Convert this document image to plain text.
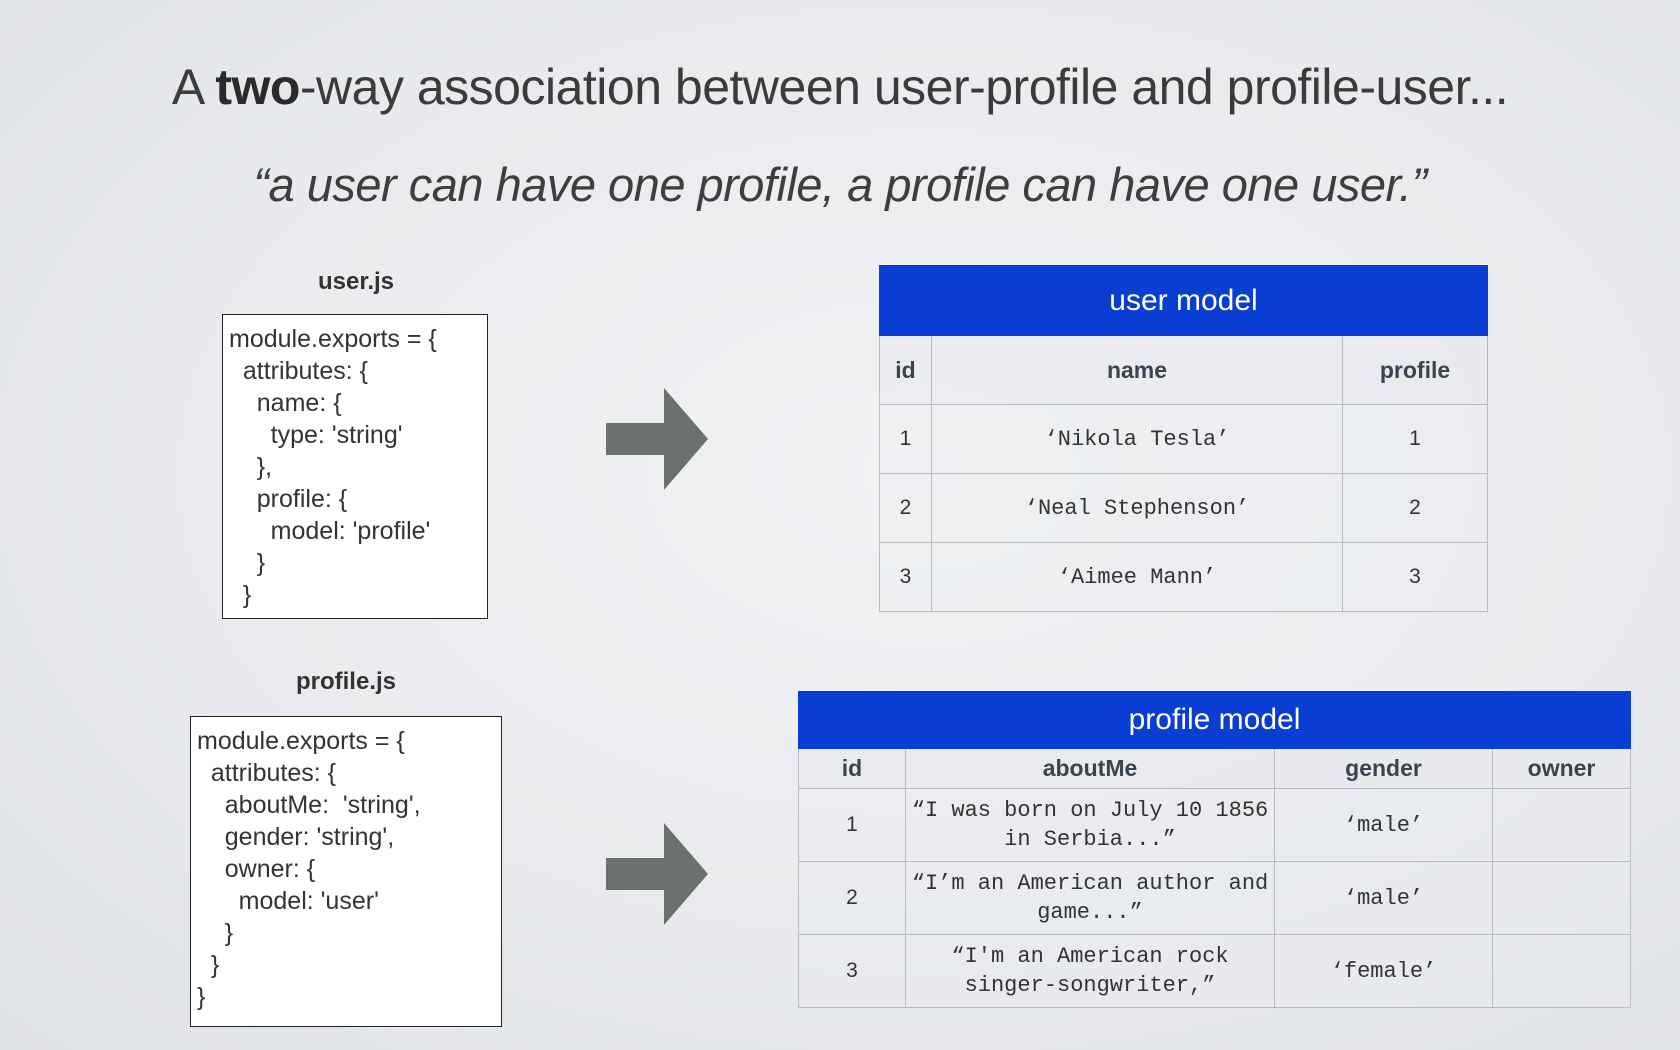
A two-way association between user-profile and profile-user...
“a user can have one profile, a profile can have one user.”
user.js
module.exports = {
attributes: {
name: {
type: 'string'
},
profile: {
model: 'profile'
}
}
profile.js
module.exports = {
attributes: {
aboutMe:  'string',
gender: 'string',
owner: {
model: 'user'
}
}
}
user model		
id	name	profile
1	‘Nikola Tesla’	1
2	‘Neal Stephenson’	2
3	‘Aimee Mann’	3
profile model			
id	aboutMe	gender	owner
1	“I was born on July 10 1856 in Serbia...”	‘male’	
2	“I’m an American author and game...”	‘male’	
3	“I'm an American rock singer-songwriter,”	‘female’	
